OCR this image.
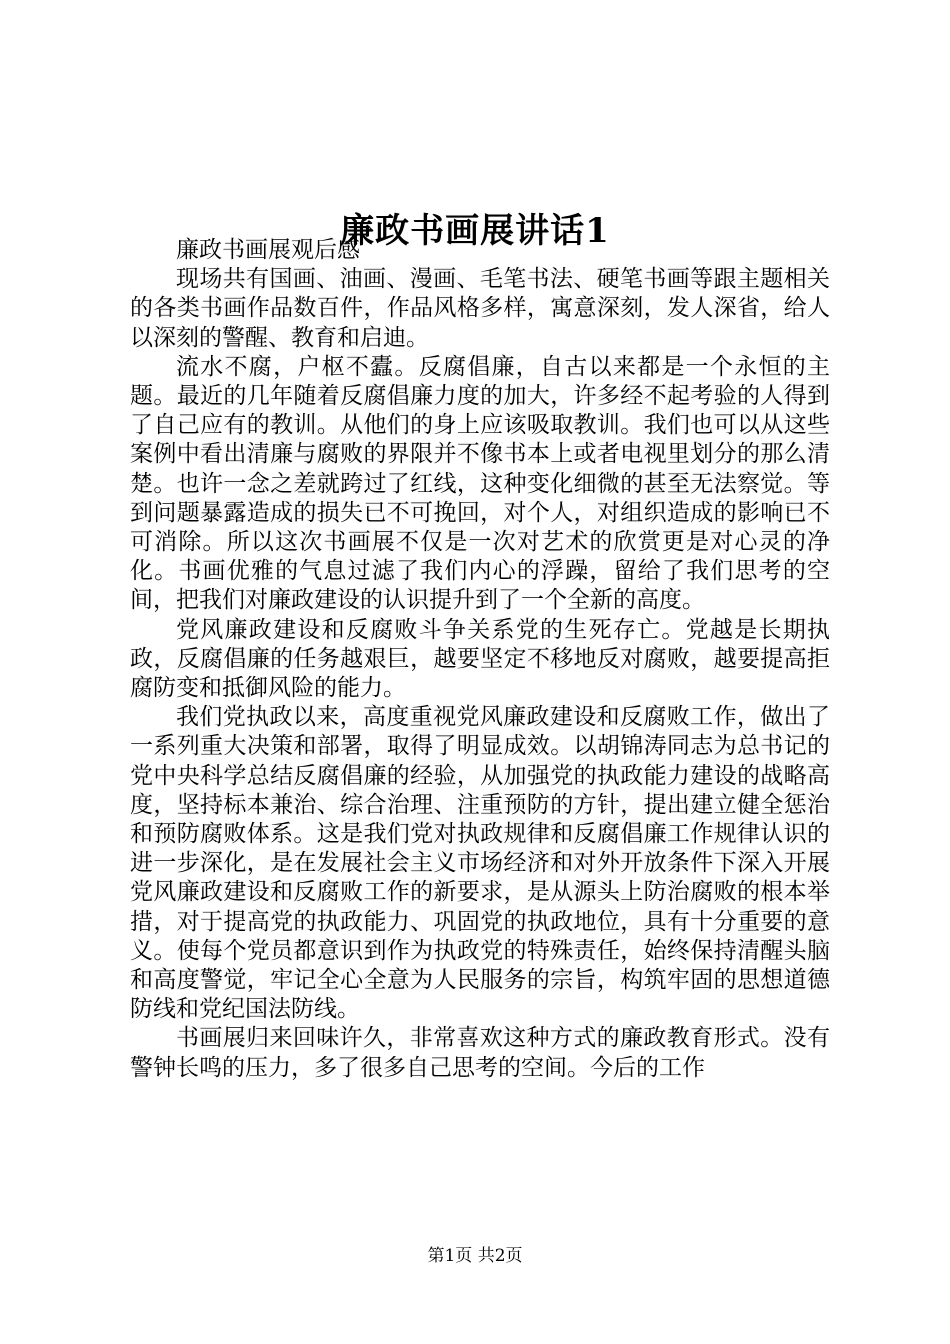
廉政书画展讲话1

廉政书画展观后感

现场共有国画、油画、漫画、毛笔书法、硬笔书画等跟主题相关的各类书画作品数百件，作品风格多样，寓意深刻，发人深省，给人以深刻的警醒、教育和启迪。

流水不腐，户枢不蠹。反腐倡廉，自古以来都是一个永恒的主题。最近的几年随着反腐倡廉力度的加大，许多经不起考验的人得到了自己应有的教训。从他们的身上应该吸取教训。我们也可以从这些案例中看出清廉与腐败的界限并不像书本上或者电视里划分的那么清楚。也许一念之差就跨过了红线，这种变化细微的甚至无法察觉。等到问题暴露造成的损失已不可挽回，对个人，对组织造成的影响已不可消除。所以这次书画展不仅是一次对艺术的欣赏更是对心灵的净化。书画优雅的气息过滤了我们内心的浮躁，留给了我们思考的空间，把我们对廉政建设的认识提升到了一个全新的高度。

党风廉政建设和反腐败斗争关系党的生死存亡。党越是长期执政，反腐倡廉的任务越艰巨，越要坚定不移地反对腐败，越要提高拒腐防变和抵御风险的能力。

我们党执政以来，高度重视党风廉政建设和反腐败工作，做出了一系列重大决策和部署，取得了明显成效。以胡锦涛同志为总书记的党中央科学总结反腐倡廉的经验，从加强党的执政能力建设的战略高度，坚持标本兼治、综合治理、注重预防的方针，提出建立健全惩治和预防腐败体系。这是我们党对执政规律和反腐倡廉工作规律认识的进一步深化，是在发展社会主义市场经济和对外开放条件下深入开展党风廉政建设和反腐败工作的新要求，是从源头上防治腐败的根本举措，对于提高党的执政能力、巩固党的执政地位，具有十分重要的意义。使每个党员都意识到作为执政党的特殊责任，始终保持清醒头脑和高度警觉，牢记全心全意为人民服务的宗旨，构筑牢固的思想道德防线和党纪国法防线。

书画展归来回味许久，非常喜欢这种方式的廉政教育形式。没有警钟长鸣的压力，多了很多自己思考的空间。今后的工作

第1页 共2页
